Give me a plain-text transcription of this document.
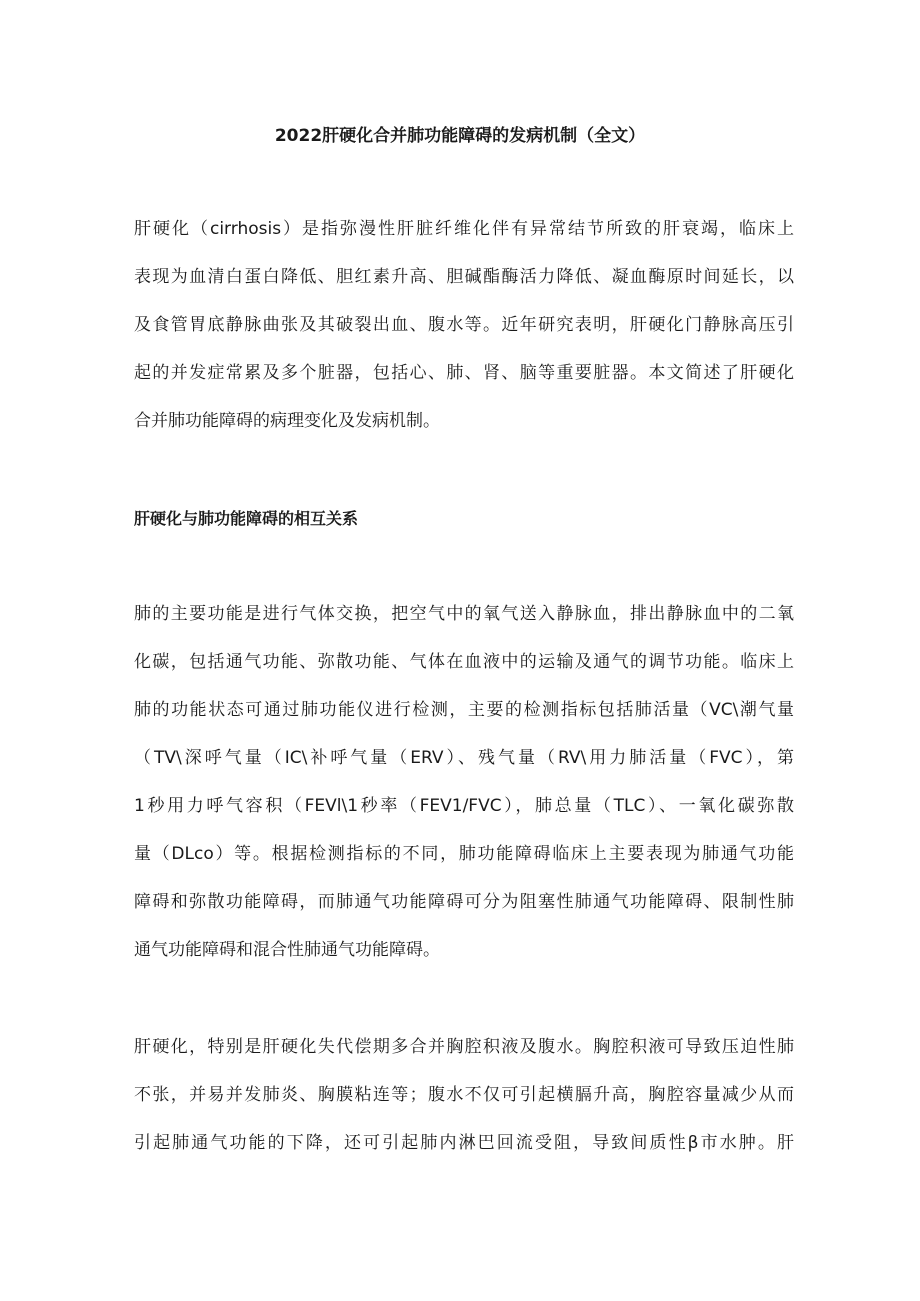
2022肝硬化合并肺功能障碍的发病机制（全文）
肝硬化（cirrhosis）是指弥漫性肝脏纤维化伴有异常结节所致的肝衰竭，临床上
表现为血清白蛋白降低、胆红素升高、胆碱酯酶活力降低、凝血酶原时间延长，以
及食管胃底静脉曲张及其破裂出血、腹水等。近年研究表明，肝硬化门静脉高压引
起的并发症常累及多个脏器，包括心、肺、肾、脑等重要脏器。本文简述了肝硬化
合并肺功能障碍的病理变化及发病机制。
肝硬化与肺功能障碍的相互关系
肺的主要功能是进行气体交换，把空气中的氧气送入静脉血，排出静脉血中的二氧
化碳，包括通气功能、弥散功能、气体在血液中的运输及通气的调节功能。临床上
肺的功能状态可通过肺功能仪进行检测，主要的检测指标包括肺活量（VC\潮气量
（TV\深呼气量（IC\补呼气量（ERV）、残气量（RV\用力肺活量（FVC），第
1秒用力呼气容积（FEVl\1秒率（FEV1/FVC），肺总量（TLC）、一氧化碳弥散
量（DLco）等。根据检测指标的不同，肺功能障碍临床上主要表现为肺通气功能
障碍和弥散功能障碍，而肺通气功能障碍可分为阻塞性肺通气功能障碍、限制性肺
通气功能障碍和混合性肺通气功能障碍。
肝硬化，特别是肝硬化失代偿期多合并胸腔积液及腹水。胸腔积液可导致压迫性肺
不张，并易并发肺炎、胸膜粘连等；腹水不仅可引起横膈升高，胸腔容量减少从而
引起肺通气功能的下降，还可引起肺内淋巴回流受阻，导致间质性β市水肿。肝
